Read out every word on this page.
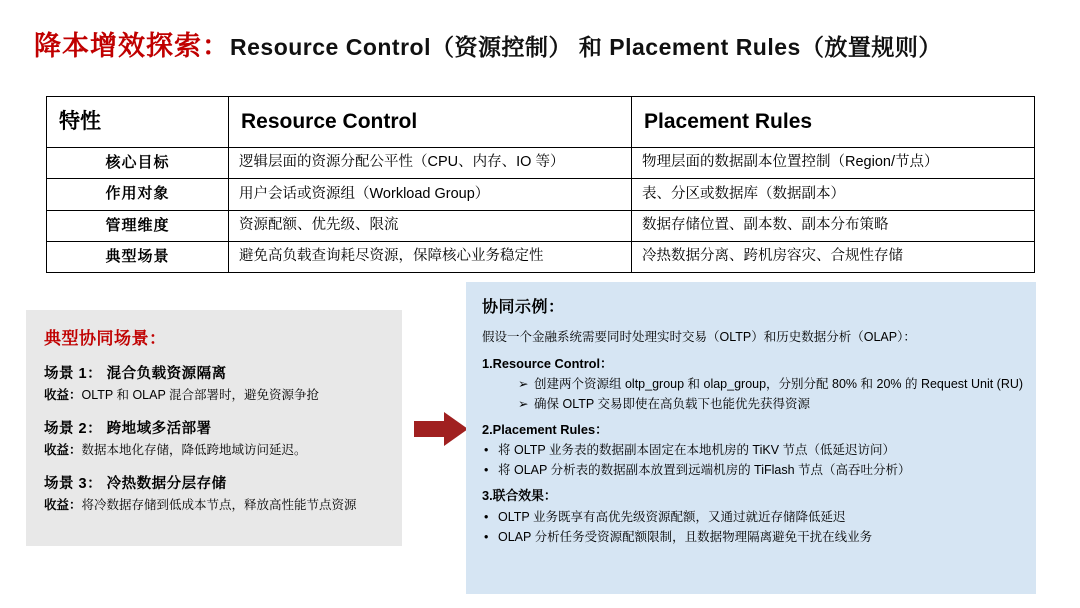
降本增效探索：Resource Control（资源控制） 和 Placement Rules（放置规则）
特性	Resource Control	Placement Rules
核心目标	逻辑层面的资源分配公平性（CPU、内存、IO 等）	物理层面的数据副本位置控制（Region/节点）
作用对象	用户会话或资源组（Workload Group）	表、分区或数据库（数据副本）
管理维度	资源配额、优先级、限流	数据存储位置、副本数、副本分布策略
典型场景	避免高负载查询耗尽资源，保障核心业务稳定性	冷热数据分离、跨机房容灾、合规性存储
典型协同场景：
场景 1： 混合负载资源隔离
收益：OLTP 和 OLAP 混合部署时，避免资源争抢
场景 2： 跨地域多活部署
收益：数据本地化存储，降低跨地域访问延迟。
场景 3： 冷热数据分层存储
收益：将冷数据存储到低成本节点，释放高性能节点资源
协同示例：
假设一个金融系统需要同时处理实时交易（OLTP）和历史数据分析（OLAP）：
1.Resource Control：
➢ 创建两个资源组 oltp_group 和 olap_group，分别分配 80% 和 20% 的 Request Unit (RU)
➢ 确保 OLTP 交易即使在高负载下也能优先获得资源
2.Placement Rules：
• 将 OLTP 业务表的数据副本固定在本地机房的 TiKV 节点（低延迟访问）
• 将 OLAP 分析表的数据副本放置到远端机房的 TiFlash 节点（高吞吐分析）
3.联合效果：
• OLTP 业务既享有高优先级资源配额，又通过就近存储降低延迟
• OLAP 分析任务受资源配额限制，且数据物理隔离避免干扰在线业务
